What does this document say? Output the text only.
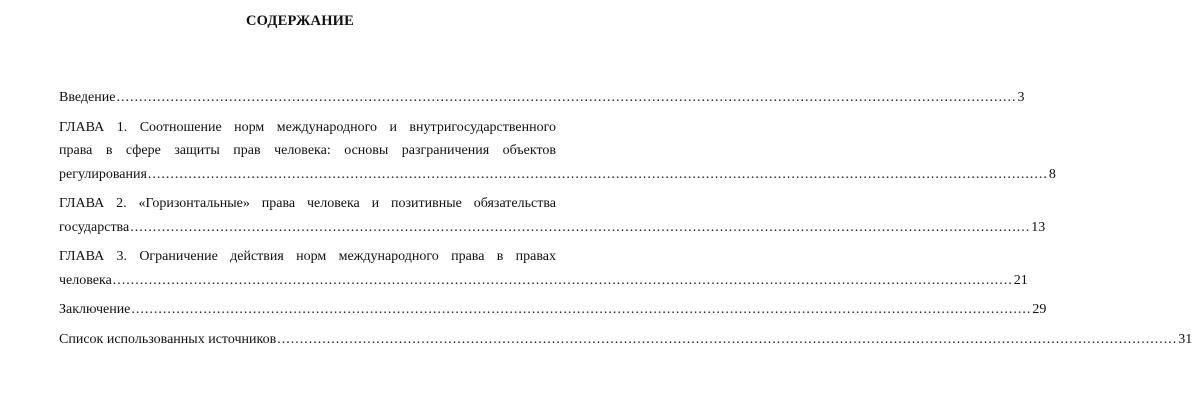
СОДЕРЖАНИЕ
Введение ........................................................................................................................................................................................................ 3
ГЛАВА 1. Соотношение норм международного и внутригосударственного
права в сфере защиты прав человека: основы разграничения объектов
регулирования ........................................................................................................................................................................................................ 8
ГЛАВА 2. «Горизонтальные» права человека и позитивные обязательства
государства ........................................................................................................................................................................................................ 13
ГЛАВА 3. Ограничение действия норм международного права в правах
человека ........................................................................................................................................................................................................ 21
Заключение ........................................................................................................................................................................................................ 29
Список использованных источников ........................................................................................................................................................................................................ 31
